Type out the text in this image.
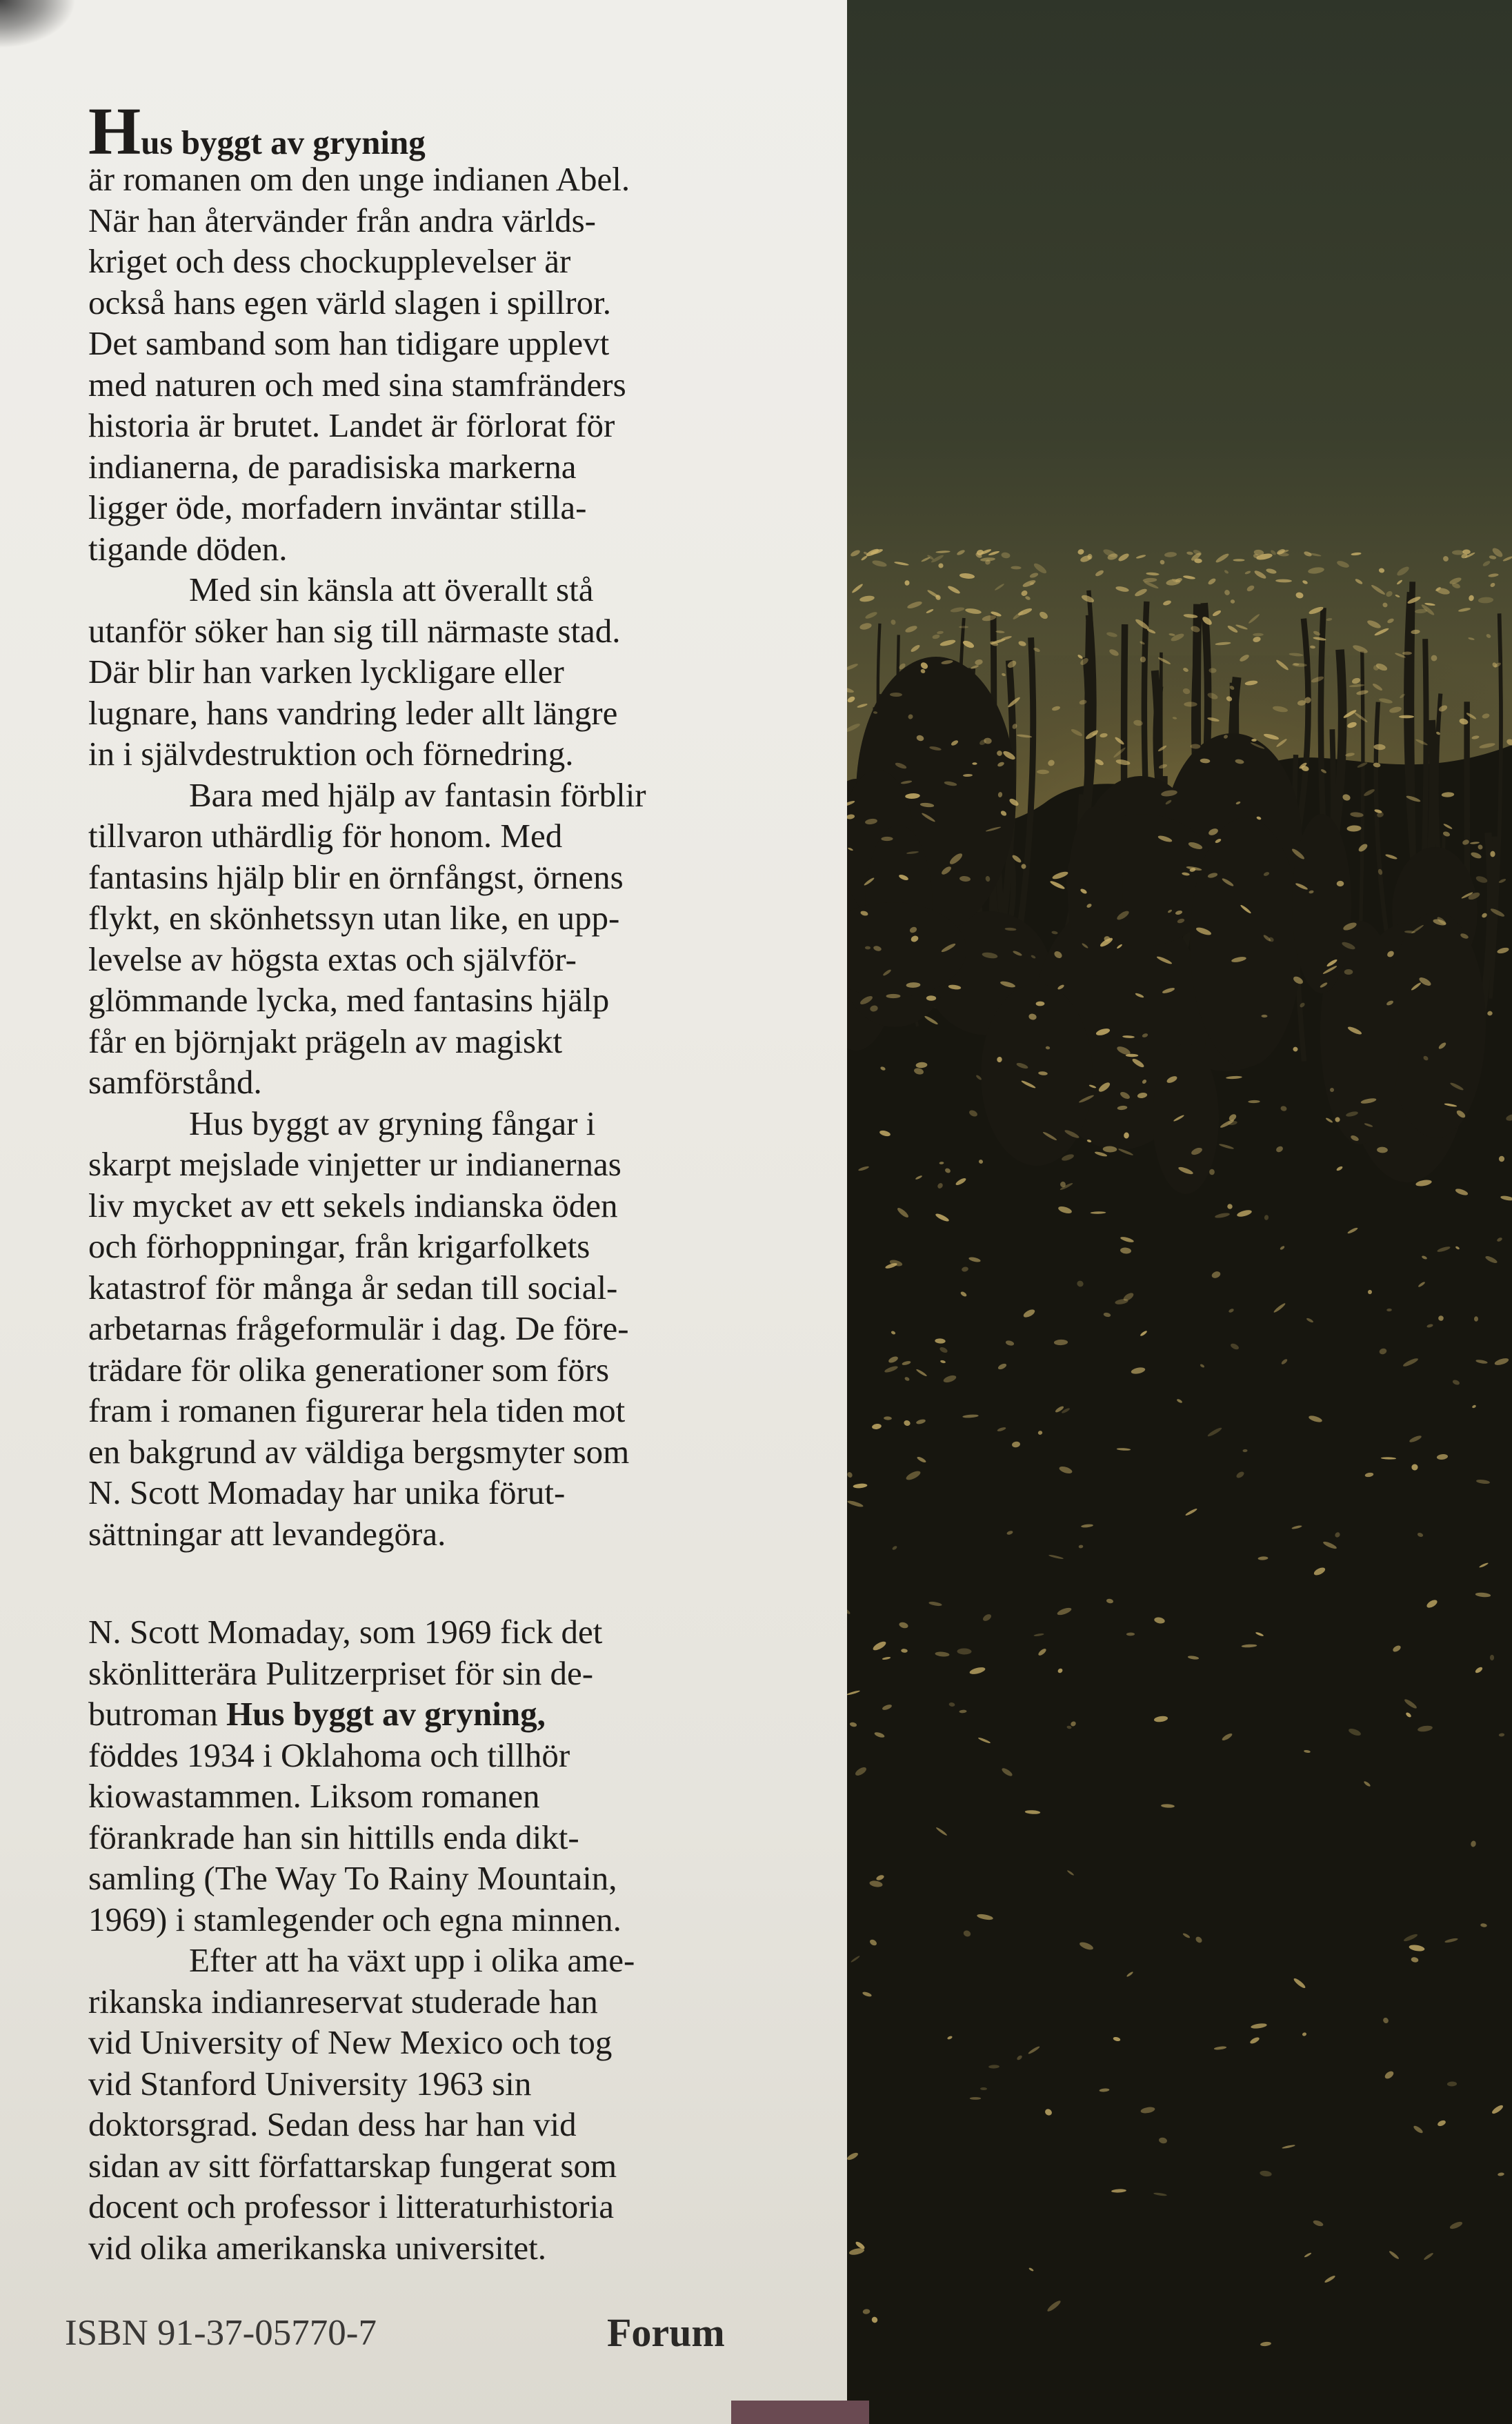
Hus byggt av gryning

är romanen om den unge indianen Abel.
När han återvänder från andra världs-
kriget och dess chockupplevelser är
också hans egen värld slagen i spillror.
Det samband som han tidigare upplevt
med naturen och med sina stamfränders
historia är brutet. Landet är förlorat för
indianerna, de paradisiska markerna
ligger öde, morfadern inväntar stilla-
tigande döden.

Med sin känsla att överallt stå
utanför söker han sig till närmaste stad.
Där blir han varken lyckligare eller
lugnare, hans vandring leder allt längre
in i självdestruktion och förnedring.

Bara med hjälp av fantasin förblir
tillvaron uthärdlig för honom. Med
fantasins hjälp blir en örnfångst, örnens
flykt, en skönhetssyn utan like, en upp-
levelse av högsta extas och självför-
glömmande lycka, med fantasins hjälp
får en björnjakt prägeln av magiskt
samförstånd.

Hus byggt av gryning fångar i
skarpt mejslade vinjetter ur indianernas
liv mycket av ett sekels indianska öden
och förhoppningar, från krigarfolkets
katastrof för många år sedan till social-
arbetarnas frågeformulär i dag. De före-
trädare för olika generationer som förs
fram i romanen figurerar hela tiden mot
en bakgrund av väldiga bergsmyter som
N. Scott Momaday har unika förut-
sättningar att levandegöra.

N. Scott Momaday, som 1969 fick det
skönlitterära Pulitzerpriset för sin de-
butroman Hus byggt av gryning,
föddes 1934 i Oklahoma och tillhör
kiowastammen. Liksom romanen
förankrade han sin hittills enda dikt-
samling (The Way To Rainy Mountain,
1969) i stamlegender och egna minnen.

Efter att ha växt upp i olika ame-
rikanska indianreservat studerade han
vid University of New Mexico och tog
vid Stanford University 1963 sin
doktorsgrad. Sedan dess har han vid
sidan av sitt författarskap fungerat som
docent och professor i litteraturhistoria
vid olika amerikanska universitet.

ISBN 91-37-05770-7	Forum
